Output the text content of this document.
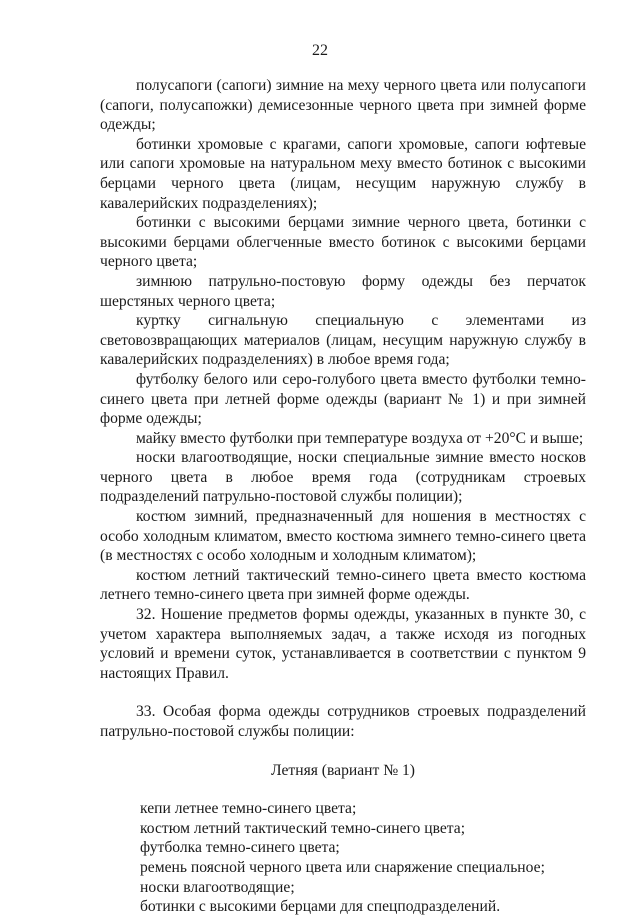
22

полусапоги (сапоги) зимние на меху черного цвета или полусапоги (сапоги, полусапожки) демисезонные черного цвета при зимней форме одежды;

ботинки хромовые с крагами, сапоги хромовые, сапоги юфтевые или сапоги хромовые на натуральном меху вместо ботинок с высокими берцами черного цвета (лицам, несущим наружную службу в кавалерийских подразделениях);

ботинки с высокими берцами зимние черного цвета, ботинки с высокими берцами облегченные вместо ботинок с высокими берцами черного цвета;

зимнюю патрульно-постовую форму одежды без перчаток шерстяных черного цвета;

куртку сигнальную специальную с элементами из световозвращающих материалов (лицам, несущим наружную службу в кавалерийских подразделениях) в любое время года;

футболку белого или серо-голубого цвета вместо футболки темно-синего цвета при летней форме одежды (вариант № 1) и при зимней форме одежды;

майку вместо футболки при температуре воздуха от +20°С и выше;

носки влагоотводящие, носки специальные зимние вместо носков черного цвета в любое время года (сотрудникам строевых подразделений патрульно-постовой службы полиции);

костюм зимний, предназначенный для ношения в местностях с особо холодным климатом, вместо костюма зимнего темно-синего цвета (в местностях с особо холодным и холодным климатом);

костюм летний тактический темно-синего цвета вместо костюма летнего темно-синего цвета при зимней форме одежды.

32. Ношение предметов формы одежды, указанных в пункте 30, с учетом характера выполняемых задач, а также исходя из погодных условий и времени суток, устанавливается в соответствии с пунктом 9 настоящих Правил.

33. Особая форма одежды сотрудников строевых подразделений патрульно-постовой службы полиции:

Летняя (вариант № 1)

кепи летнее темно-синего цвета;

костюм летний тактический темно-синего цвета;

футболка темно-синего цвета;

ремень поясной черного цвета или снаряжение специальное;

носки влагоотводящие;

ботинки с высокими берцами для спецподразделений.
